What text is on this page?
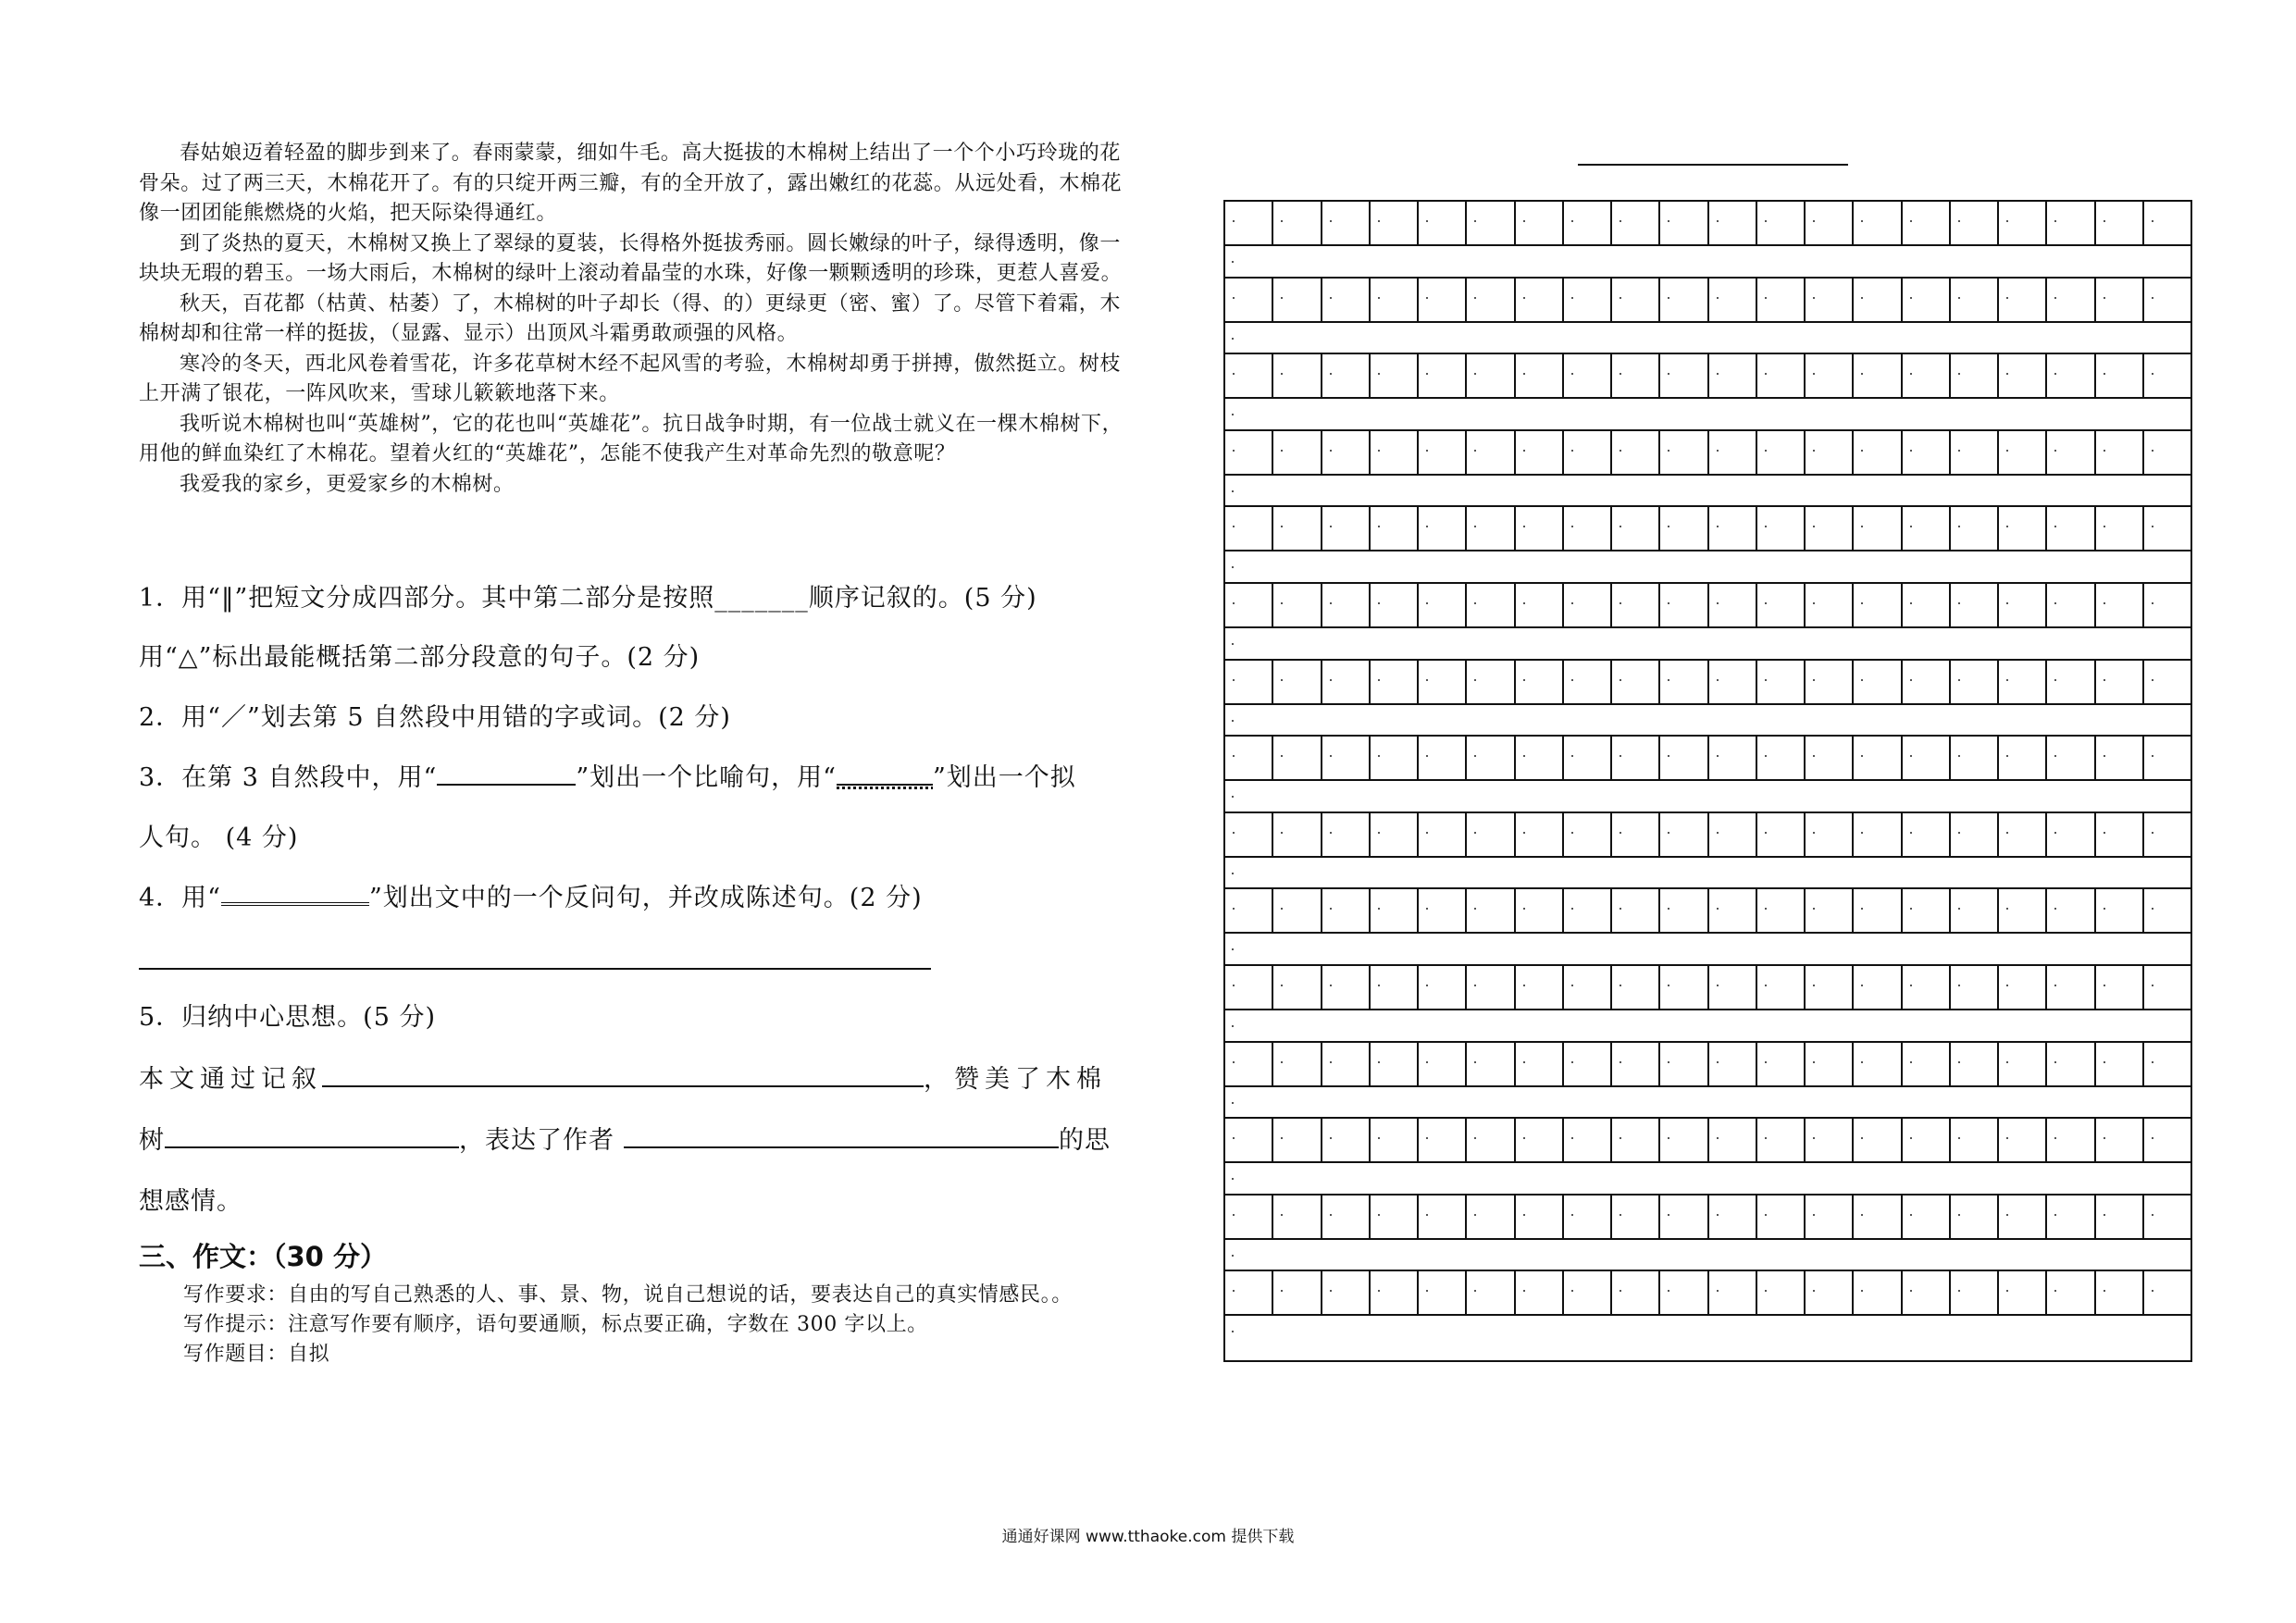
春姑娘迈着轻盈的脚步到来了。春雨蒙蒙，细如牛毛。高大挺拔的木棉树上结出了一个个小巧玲珑的花骨朵。过了两三天，木棉花开了。有的只绽开两三瓣，有的全开放了，露出嫩红的花蕊。从远处看，木棉花像一团团能熊燃烧的火焰，把天际染得通红。

到了炎热的夏天，木棉树又换上了翠绿的夏装，长得格外挺拔秀丽。圆长嫩绿的叶子，绿得透明，像一块块无瑕的碧玉。一场大雨后，木棉树的绿叶上滚动着晶莹的水珠，好像一颗颗透明的珍珠，更惹人喜爱。

秋天，百花都（枯黄、枯萎）了，木棉树的叶子却长（得、的）更绿更（密、蜜）了。尽管下着霜，木棉树却和往常一样的挺拔，（显露、显示）出顶风斗霜勇敢顽强的风格。

寒冷的冬天，西北风卷着雪花，许多花草树木经不起风雪的考验，木棉树却勇于拼搏，傲然挺立。树枝上开满了银花，一阵风吹来，雪球儿簌簌地落下来。

我听说木棉树也叫“英雄树”，它的花也叫“英雄花”。抗日战争时期，有一位战士就义在一棵木棉树下，用他的鲜血染红了木棉花。望着火红的“英雄花”，怎能不使我产生对革命先烈的敬意呢？

我爱我的家乡，更爱家乡的木棉树。

1．用“‖”把短文分成四部分。其中第二部分是按照_______顺序记叙的。(5 分)
用“△”标出最能概括第二部分段意的句子。(2 分)
2．用“／”划去第 5 自然段中用错的字或词。(2 分)
3．在第 3 自然段中，用“	”划出一个比喻句，用“	”划出一个拟
人句。 (4 分)
4．用“	”划出文中的一个反问句，并改成陈述句。(2 分)
5．归纳中心思想。(5 分)
本文通过记叙	，赞美了木棉
树	，表达了作者	的思
想感情。
三、作文：（30 分）
写作要求：自由的写自己熟悉的人、事、景、物，说自己想说的话，要表达自己的真实情感民。。
写作提示：注意写作要有顺序，语句要通顺，标点要正确，字数在 300 字以上。
写作题目：自拟
通通好课网 www.tthaoke.com 提供下载
